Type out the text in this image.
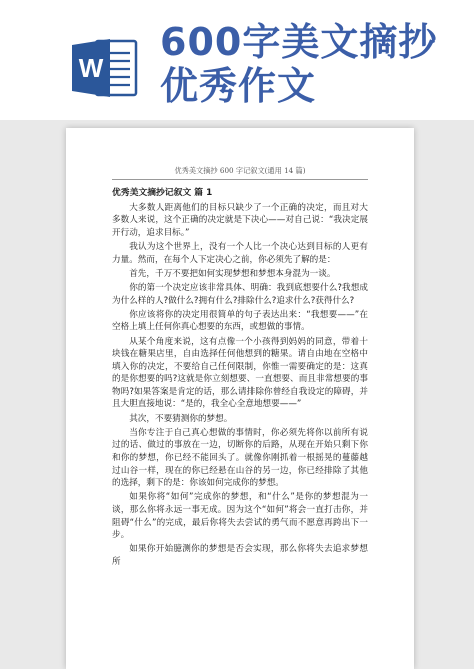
W
600字美文摘抄
优秀作文
优秀美文摘抄 600 字记叙文(通用 14 篇)
优秀美文摘抄记叙文 篇 1

大多数人距离他们的目标只缺少了一个正确的决定，而且对大多数人来说，这个正确的决定就是下决心——对自己说：“我决定展开行动，追求目标。”

我认为这个世界上，没有一个人比一个决心达到目标的人更有力量。然而，在每个人下定决心之前，你必须先了解的是：

首先，千万不要把如何实现梦想和梦想本身混为一谈。

你的第一个决定应该非常具体、明确：我到底想要什么?我想成为什么样的人?做什么?拥有什么?排除什么?追求什么?获得什么?

你应该将你的决定用很简单的句子表达出来：“我想要——”在空格上填上任何你真心想要的东西，或想做的事情。

从某个角度来说，这有点像一个小孩得到妈妈的同意，带着十块钱在糖果店里，自由选择任何他想到的糖果。请自由地在空格中填入你的决定，不要给自己任何限制，你惟一需要确定的是：这真的是你想要的吗?这就是你立刻想要、一直想要、而且非常想要的事物吗?如果答案是肯定的话，那么请排除你曾经自我设定的障碍，并且大胆直接地说：“是的，我全心全意地想要——”

其次，不要猜测你的梦想。

当你专注于自己真心想做的事情时，你必须先将你以前所有说过的话、做过的事放在一边，切断你的后路，从现在开始只剩下你和你的梦想，你已经不能回头了。就像你刚抓着一根摇晃的蔓藤越过山谷一样，现在的你已经悬在山谷的另一边，你已经排除了其他的选择，剩下的是：你该如何完成你的梦想。

如果你将“如何”完成你的梦想，和“什么”是你的梦想混为一谈，那么你将永远一事无成。因为这个“如何”将会一直打击你，并阻碍“什么”的完成，最后你将失去尝试的勇气而不愿意再跨出下一步。

如果你开始臆测你的梦想是否会实现，那么你将失去追求梦想所
